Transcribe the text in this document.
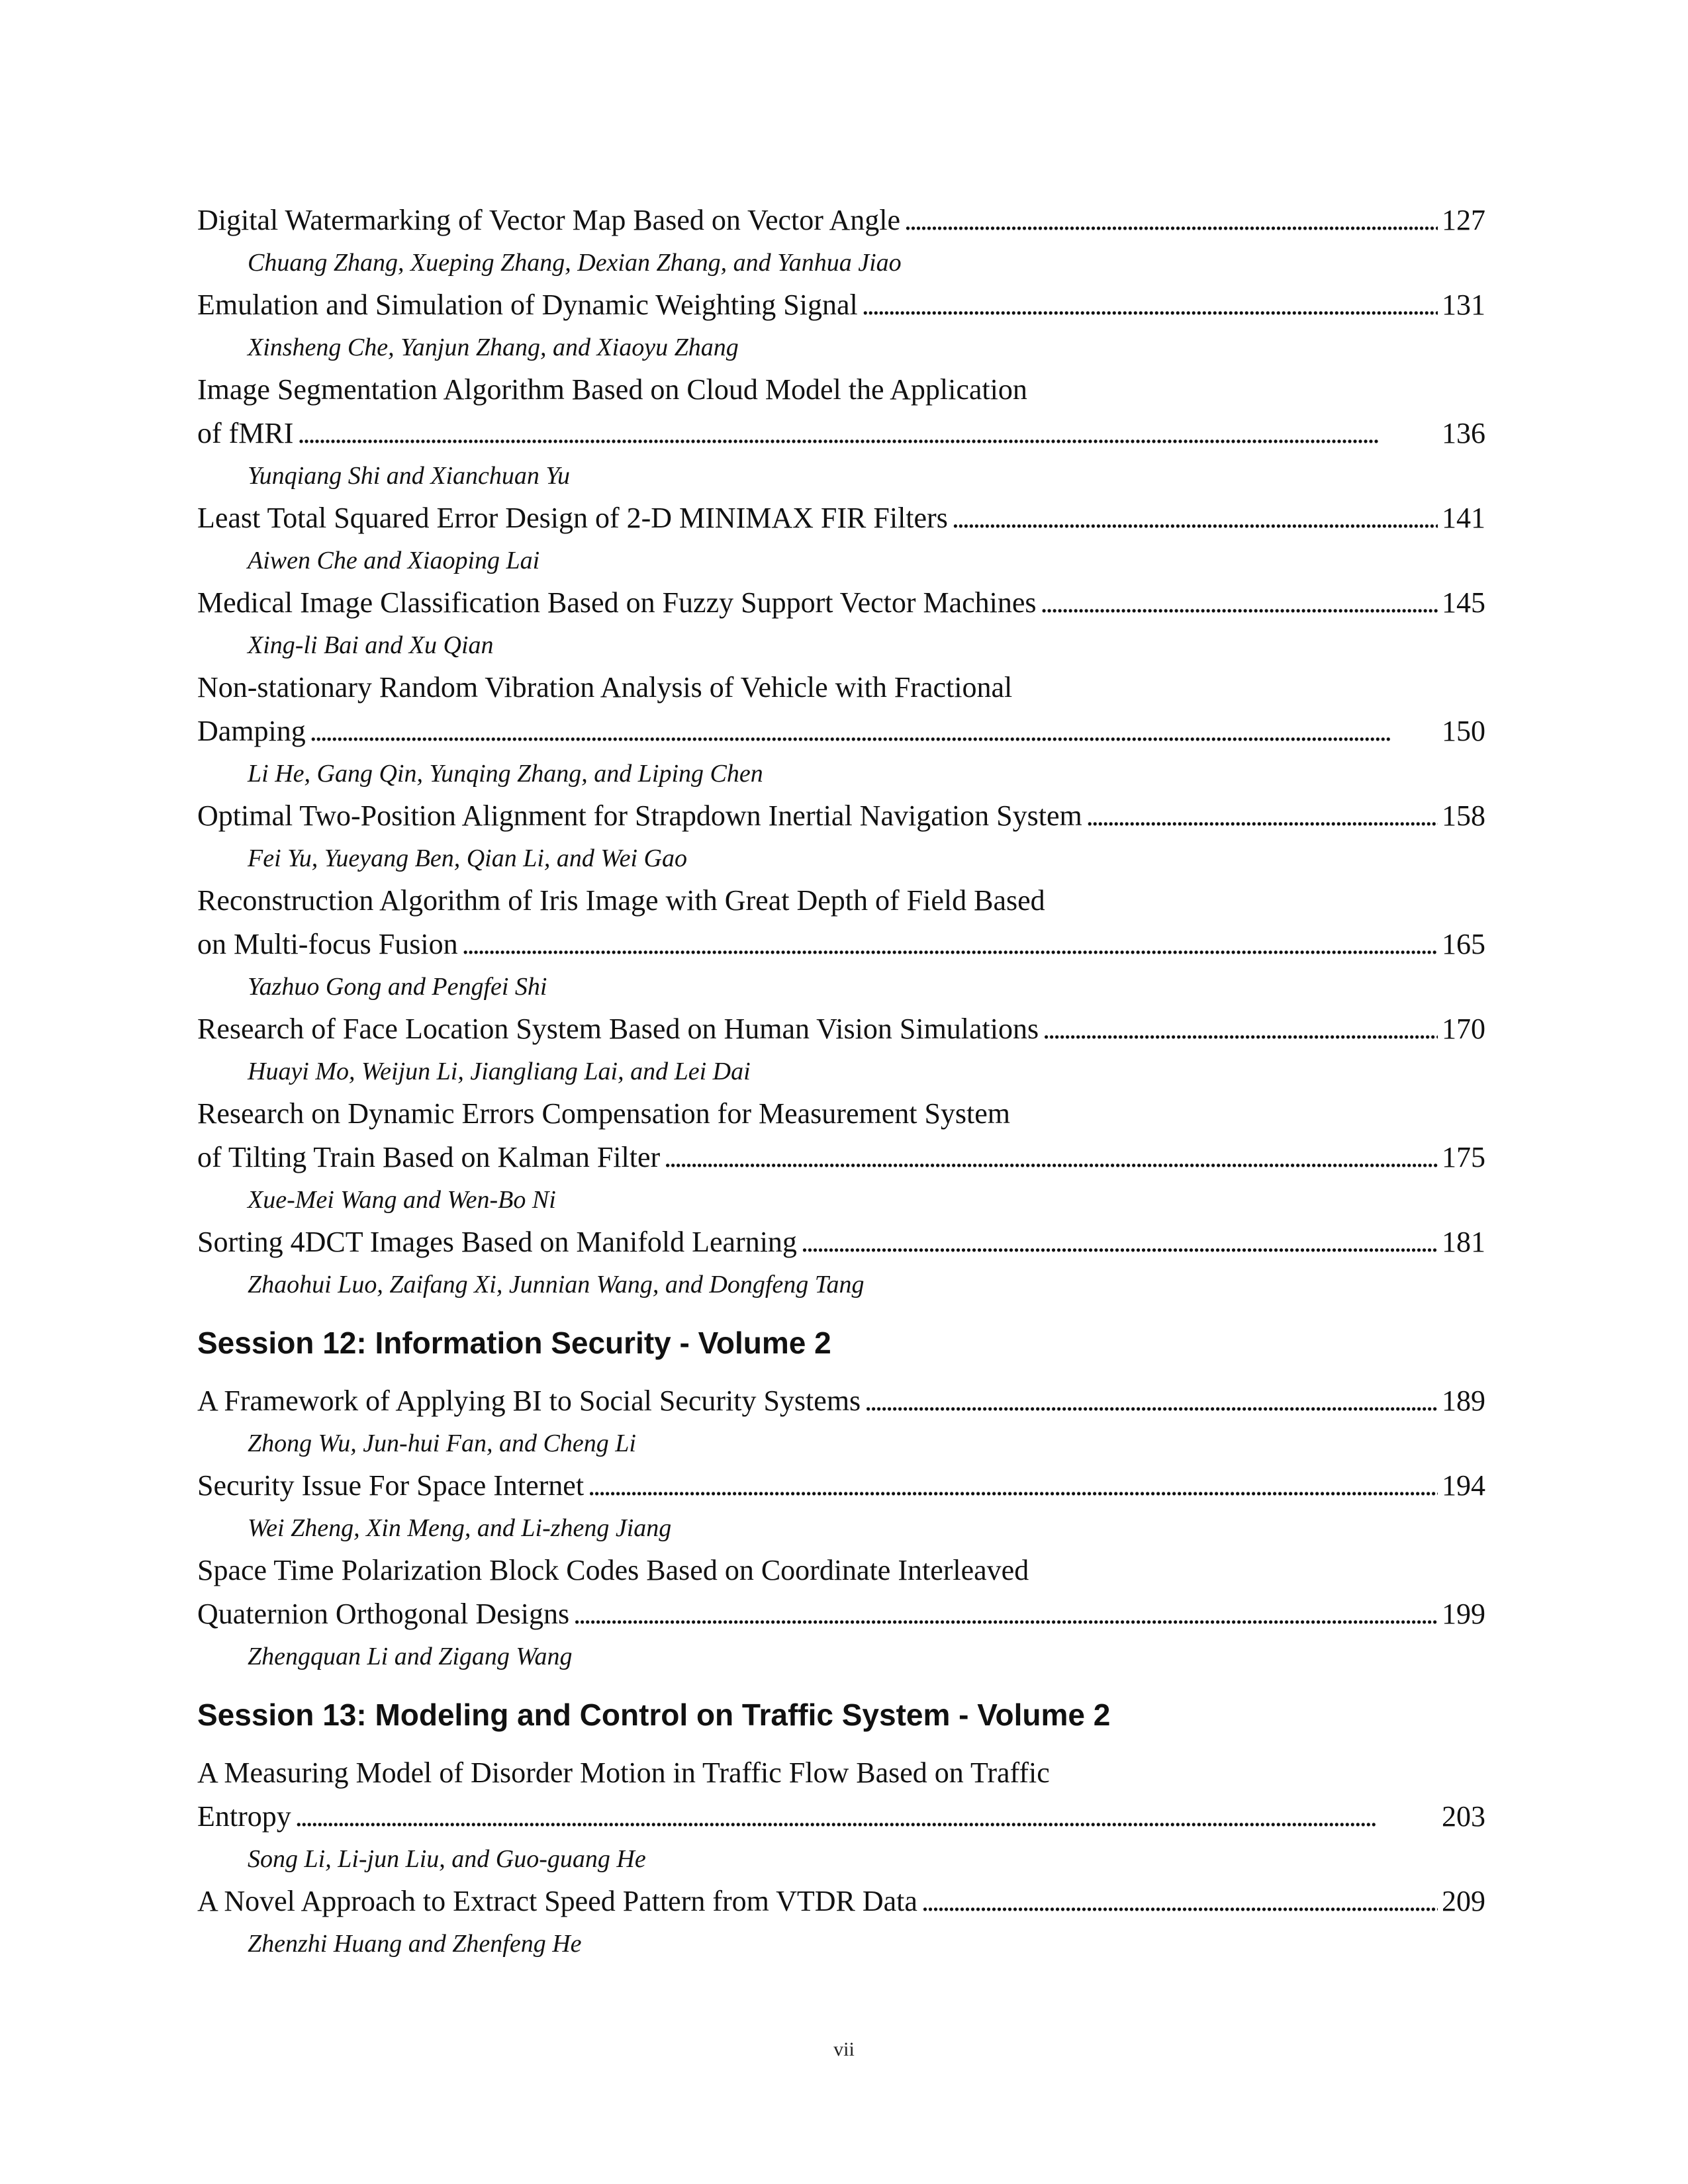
Digital Watermarking of Vector Map Based on Vector Angle . . .	127
Chuang Zhang, Xueping Zhang, Dexian Zhang, and Yanhua Jiao
Emulation and Simulation of Dynamic Weighting Signal . . .	131
Xinsheng Che, Yanjun Zhang, and Xiaoyu Zhang
Image Segmentation Algorithm Based on Cloud Model the Application
of fMRI . . .	136
Yunqiang Shi and Xianchuan Yu
Least Total Squared Error Design of 2-D MINIMAX FIR Filters . . .	141
Aiwen Che and Xiaoping Lai
Medical Image Classification Based on Fuzzy Support Vector Machines . . .	145
Xing-li Bai and Xu Qian
Non-stationary Random Vibration Analysis of Vehicle with Fractional
Damping . . .	150
Li He, Gang Qin, Yunqing Zhang, and Liping Chen
Optimal Two-Position Alignment for Strapdown Inertial Navigation System . . .	158
Fei Yu, Yueyang Ben, Qian Li, and Wei Gao
Reconstruction Algorithm of Iris Image with Great Depth of Field Based
on Multi-focus Fusion . . .	165
Yazhuo Gong and Pengfei Shi
Research of Face Location System Based on Human Vision Simulations . . .	170
Huayi Mo, Weijun Li, Jiangliang Lai, and Lei Dai
Research on Dynamic Errors Compensation for Measurement System
of Tilting Train Based on Kalman Filter . . .	175
Xue-Mei Wang and Wen-Bo Ni
Sorting 4DCT Images Based on Manifold Learning . . .	181
Zhaohui Luo, Zaifang Xi, Junnian Wang, and Dongfeng Tang
Session 12: Information Security - Volume 2
A Framework of Applying BI to Social Security Systems . . .	189
Zhong Wu, Jun-hui Fan, and Cheng Li
Security Issue For Space Internet . . .	194
Wei Zheng, Xin Meng, and Li-zheng Jiang
Space Time Polarization Block Codes Based on Coordinate Interleaved
Quaternion Orthogonal Designs . . .	199
Zhengquan Li and Zigang Wang
Session 13: Modeling and Control on Traffic System - Volume 2
A Measuring Model of Disorder Motion in Traffic Flow Based on Traffic
Entropy . . .	203
Song Li, Li-jun Liu, and Guo-guang He
A Novel Approach to Extract Speed Pattern from VTDR Data . . .	209
Zhenzhi Huang and Zhenfeng He
vii
